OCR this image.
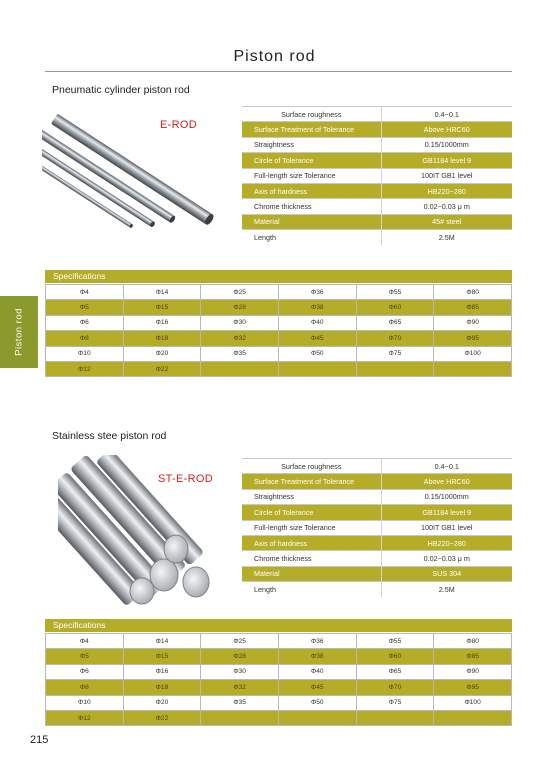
Piston rod
Piston rod
Pneumatic cylinder piston rod
E-ROD
Surface roughness	0.4~0.1
Surface Treatment of Tolerance	Above HRC60
Straightness	0.15/1000mm
Circle of Tolerance	GB1184 level 9
Full-length size Tolerance	100IT GB1 level
Axis of hardness	HB220~280
Chrome thickness	0.02~0.03 μ m
Material	45# steel
Length	2.5M
Specifications
Φ4	Φ14	Φ25	Φ36	Φ55	Φ80
Φ5	Φ15	Φ28	Φ38	Φ60	Φ85
Φ6	Φ16	Φ30	Φ40	Φ65	Φ90
Φ8	Φ18	Φ32	Φ45	Φ70	Φ95
Φ10	Φ20	Φ35	Φ50	Φ75	Φ100
Φ12	Φ22				
Stainless stee piston rod
ST-E-ROD
Surface roughness	0.4~0.1
Surface Treatment of Tolerance	Above HRC60
Straightness	0.15/1000mm
Circle of Tolerance	GB1184 level 9
Full-length size Tolerance	100IT GB1 level
Axis of hardness	HB220~280
Chrome thickness	0.02~0.03 μ m
Material	SUS 304
Length	2.5M
Specifications
Φ4	Φ14	Φ25	Φ36	Φ55	Φ80
Φ5	Φ15	Φ28	Φ38	Φ60	Φ85
Φ6	Φ16	Φ30	Φ40	Φ65	Φ90
Φ8	Φ18	Φ32	Φ45	Φ70	Φ95
Φ10	Φ20	Φ35	Φ50	Φ75	Φ100
Φ12	Φ22				
215
